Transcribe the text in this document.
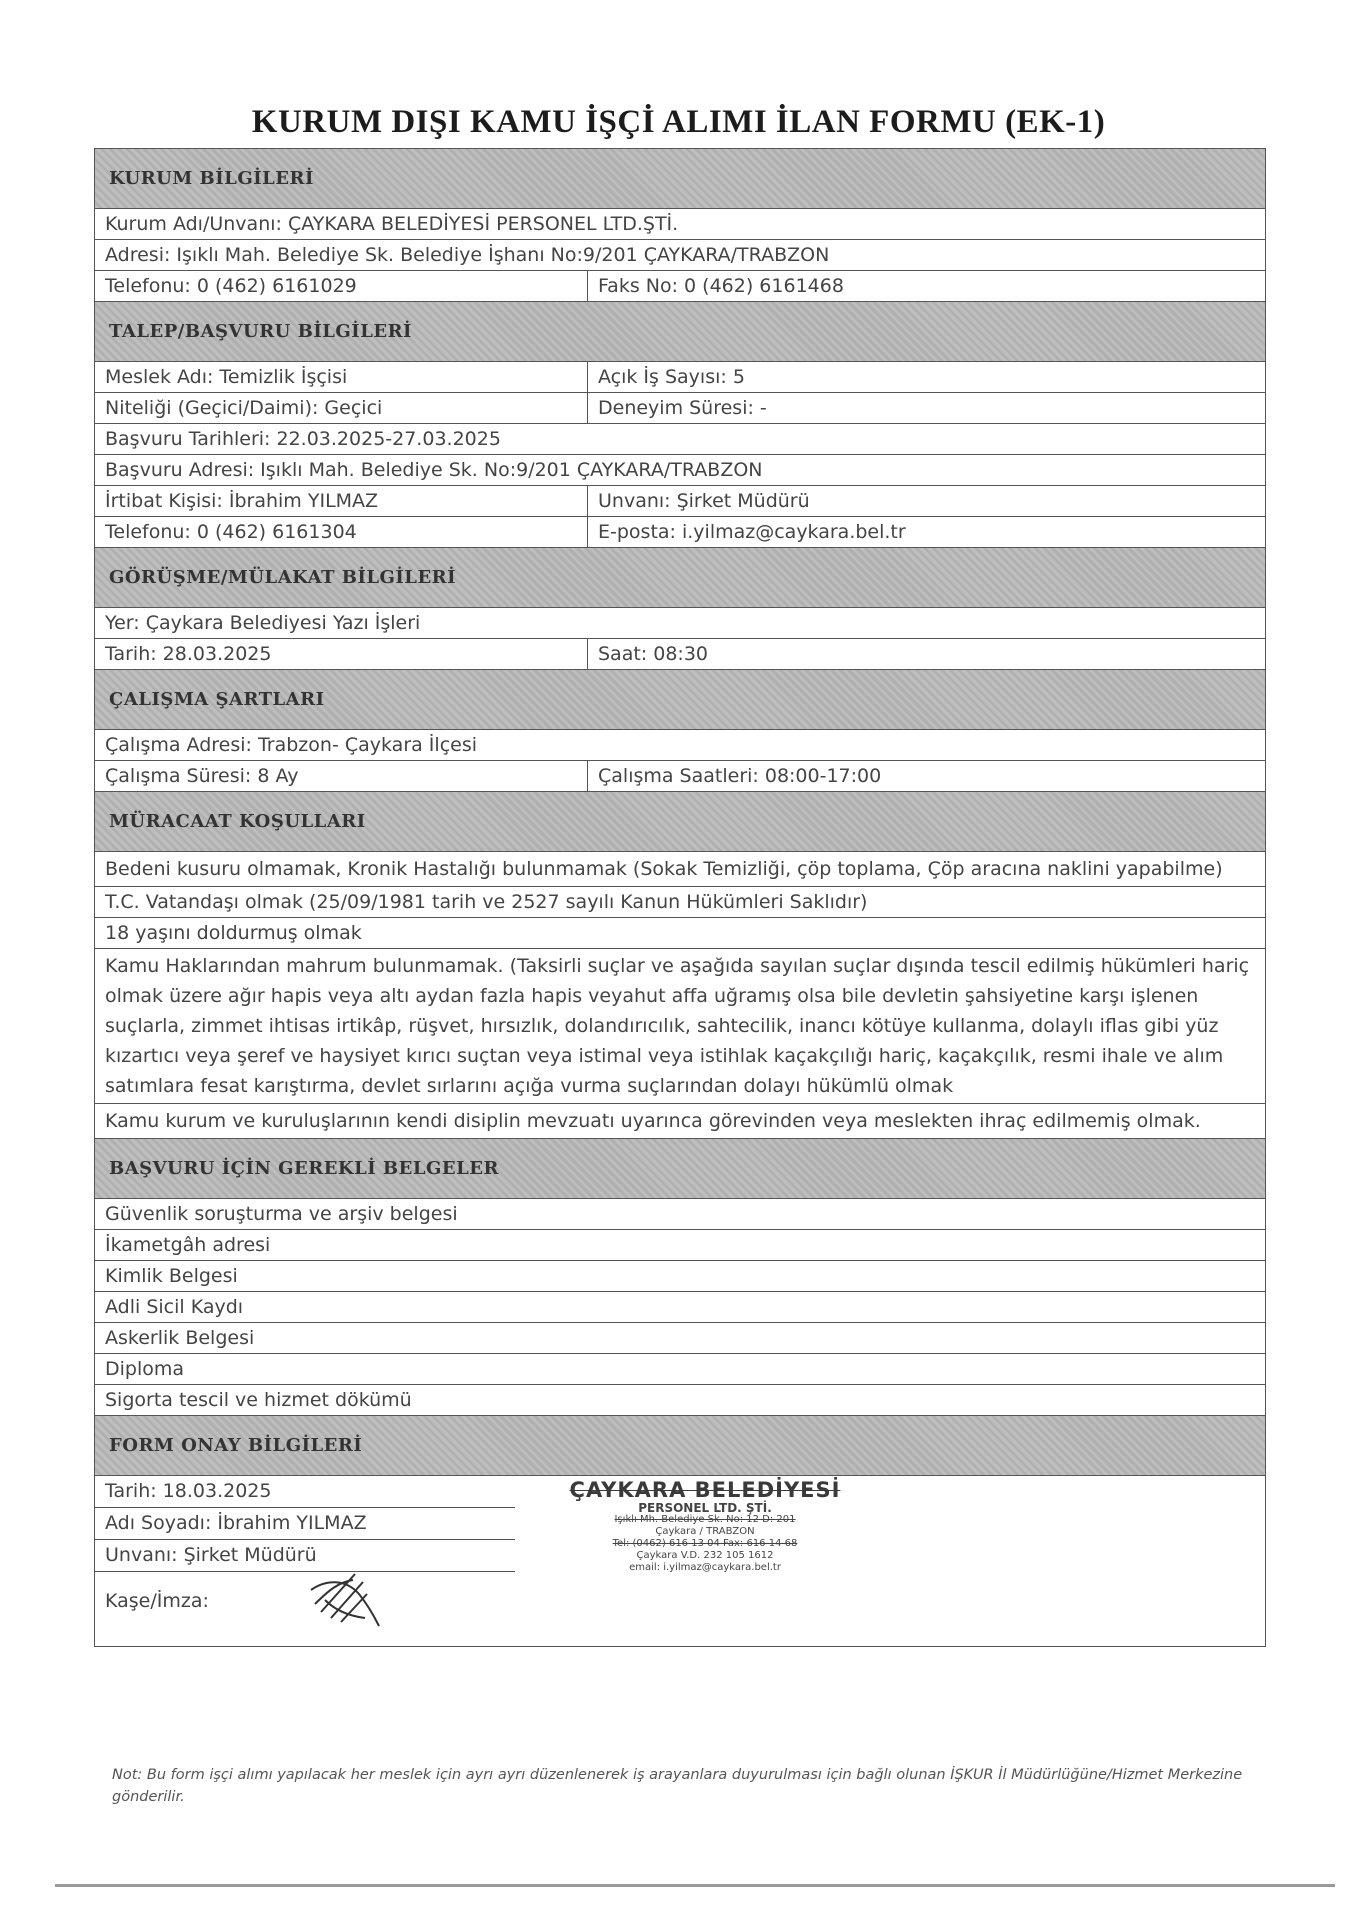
KURUM DIŞI KAMU İŞÇİ ALIMI İLAN FORMU (EK-1)
KURUM BİLGİLERİ
Kurum Adı/Unvanı: ÇAYKARA BELEDİYESİ PERSONEL LTD.ŞTİ.
Adresi: Işıklı Mah. Belediye Sk. Belediye İşhanı No:9/201 ÇAYKARA/TRABZON
Telefonu: 0 (462) 6161029	Faks No: 0 (462) 6161468
TALEP/BAŞVURU BİLGİLERİ
Meslek Adı: Temizlik İşçisi	Açık İş Sayısı: 5
Niteliği (Geçici/Daimi): Geçici	Deneyim Süresi: -
Başvuru Tarihleri: 22.03.2025-27.03.2025
Başvuru Adresi: Işıklı Mah. Belediye Sk. No:9/201 ÇAYKARA/TRABZON
İrtibat Kişisi: İbrahim YILMAZ	Unvanı: Şirket Müdürü
Telefonu: 0 (462) 6161304	E-posta: i.yilmaz@caykara.bel.tr
GÖRÜŞME/MÜLAKAT BİLGİLERİ
Yer: Çaykara Belediyesi Yazı İşleri
Tarih: 28.03.2025	Saat: 08:30
ÇALIŞMA ŞARTLARI
Çalışma Adresi: Trabzon- Çaykara İlçesi
Çalışma Süresi: 8 Ay	Çalışma Saatleri: 08:00-17:00
MÜRACAAT KOŞULLARI
Bedeni kusuru olmamak, Kronik Hastalığı bulunmamak (Sokak Temizliği, çöp toplama, Çöp aracına naklini yapabilme)
T.C. Vatandaşı olmak (25/09/1981 tarih ve 2527 sayılı Kanun Hükümleri Saklıdır)
18 yaşını doldurmuş olmak
Kamu Haklarından mahrum bulunmamak. (Taksirli suçlar ve aşağıda sayılan suçlar dışında tescil edilmiş hükümleri hariç olmak üzere ağır hapis veya altı aydan fazla hapis veyahut affa uğramış olsa bile devletin şahsiyetine karşı işlenen suçlarla, zimmet ihtisas irtikâp, rüşvet, hırsızlık, dolandırıcılık, sahtecilik, inancı kötüye kullanma, dolaylı iflas gibi yüz kızartıcı veya şeref ve haysiyet kırıcı suçtan veya istimal veya istihlak kaçakçılığı hariç, kaçakçılık, resmi ihale ve alım satımlara fesat karıştırma, devlet sırlarını açığa vurma suçlarından dolayı hükümlü olmak
Kamu kurum ve kuruluşlarının kendi disiplin mevzuatı uyarınca görevinden veya meslekten ihraç edilmemiş olmak.
BAŞVURU İÇİN GEREKLİ BELGELER
Güvenlik soruşturma ve arşiv belgesi
İkametgâh adresi
Kimlik Belgesi
Adli Sicil Kaydı
Askerlik Belgesi
Diploma
Sigorta tescil ve hizmet dökümü
FORM ONAY BİLGİLERİ
Tarih: 18.03.2025
Adı Soyadı: İbrahim YILMAZ
Unvanı: Şirket Müdürü
Kaşe/İmza:
ÇAYKARA BELEDİYESİ
PERSONEL LTD. ŞTİ.
Işıklı Mh. Belediye Sk. No: 12 D: 201
Çaykara / TRABZON
Tel: (0462) 616 13 04 Fax: 616 14 68
Çaykara V.D. 232 105 1612
email: i.yilmaz@caykara.bel.tr
Not: Bu form işçi alımı yapılacak her meslek için ayrı ayrı düzenlenerek iş arayanlara duyurulması için bağlı olunan İŞKUR İl Müdürlüğüne/Hizmet Merkezine gönderilir.
